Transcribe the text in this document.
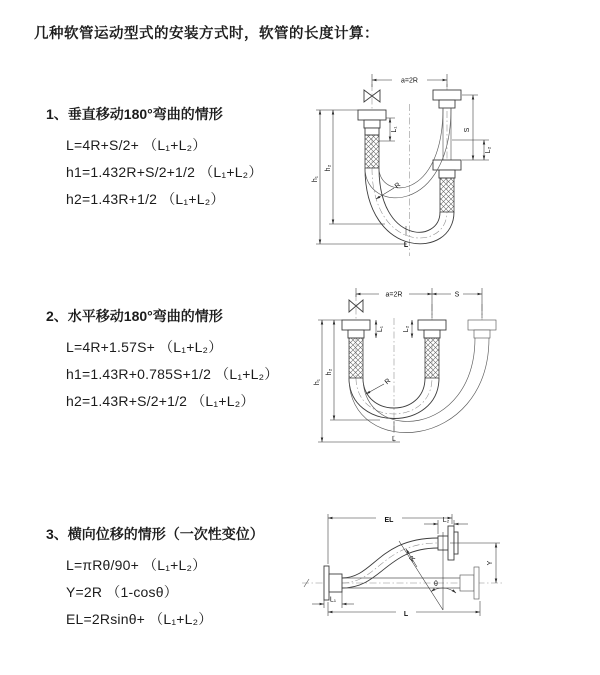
几种软管运动型式的安装方式时，软管的长度计算：
1、垂直移动180°弯曲的情形
L=4R+S/2+ （L₁+L₂）
h1=1.432R+S/2+1/2 （L₁+L₂）
h2=1.43R+1/2 （L₁+L₂）
2、水平移动180°弯曲的情形
L=4R+1.57S+ （L₁+L₂）
h1=1.43R+0.785S+1/2 （L₁+L₂）
h2=1.43R+S/2+1/2 （L₁+L₂）
3、横向位移的情形（一次性变位）
L=πRθ/90+ （L₁+L₂）
Y=2R （1-cosθ）
EL=2Rsinθ+ （L₁+L₂）
a=2R
S
L₂
L₁
h₁
h₂
R
L
a=2R	S
L₁	L₂
h₁
h₂
R
L
EL	L₂
Y
L
L₁
R
θ
